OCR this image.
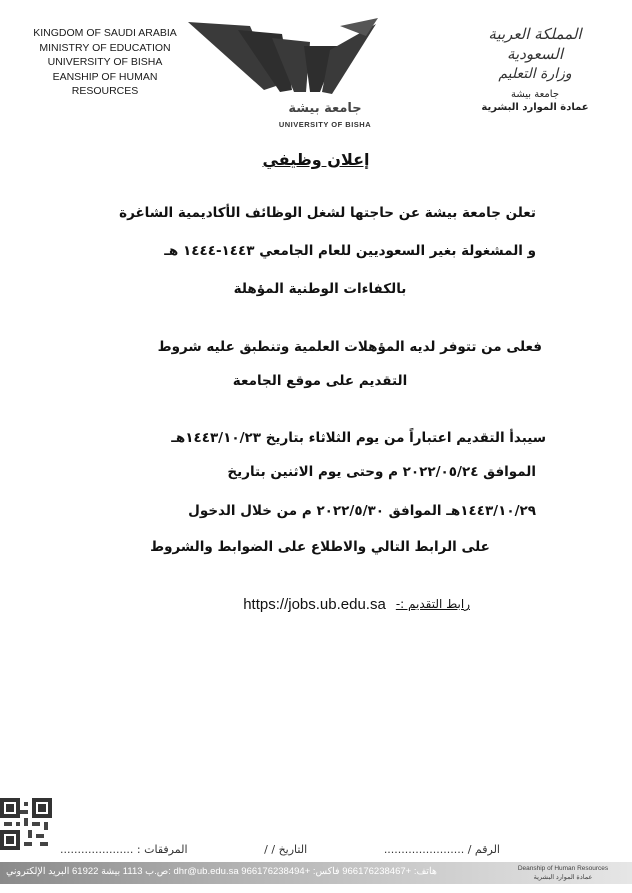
KINGDOM OF SAUDI ARABIA
MINISTRY OF EDUCATION
UNIVERSITY OF BISHA
EANSHIP OF HUMAN RESOURCES
جامعة بيشة
UNIVERSITY OF BISHA
المملكة العربية السعودية
وزارة التعليم
جامعة بيشة
عمادة الموارد البشرية
إعلان وظيفي
تعلن جامعة بيشة عن حاجتها لشغل الوظائف الأكاديمية الشاغرة
و المشغولة بغير السعوديين للعام الجامعي ١٤٤٣-١٤٤٤ هـ
بالكفاءات الوطنية المؤهلة
فعلى من تتوفر لديه المؤهلات العلمية وتنطبق عليه شروط
التقديم على موقع الجامعة
سيبدأ التقديم اعتباراً من يوم الثلاثاء بتاريخ ١٤٤٣/١٠/٢٣هـ
الموافق ٢٠٢٢/٠٥/٢٤ م وحتى يوم الاثنين بتاريخ
١٤٤٣/١٠/٢٩هـ الموافق ٢٠٢٢/٥/٣٠ م من خلال الدخول
على الرابط التالي والاطلاع على الضوابط والشروط
رابط التقديم :-
https://jobs.ub.edu.sa
الرقم / .......................
التاريخ / /
المرفقات : .....................
ص.ب 1113 بيشة 61922 البريد الإلكتروني: dhr@ub.edu.sa هاتف: +966176238467 فاكس: +966176238494	Deanship of Human Resources
عمادة الموارد البشرية
